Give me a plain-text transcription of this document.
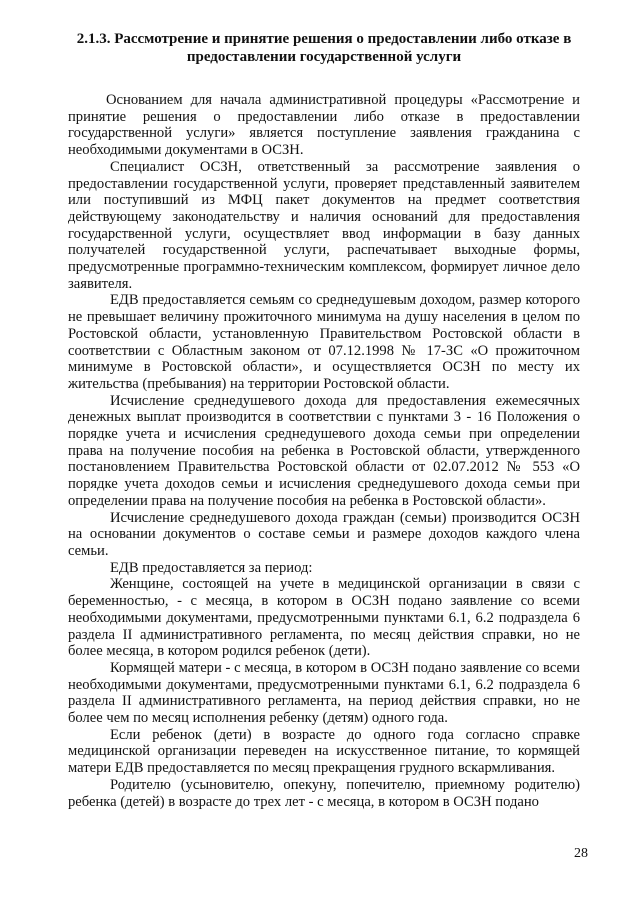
2.1.3. Рассмотрение и принятие решения о предоставлении либо отказе в предоставлении государственной услуги

Основанием для начала административной процедуры «Рассмотрение и принятие решения о предоставлении либо отказе в предоставлении государственной услуги» является поступление заявления гражданина с необходимыми документами в ОСЗН.

Специалист ОСЗН, ответственный за рассмотрение заявления о предоставлении государственной услуги, проверяет представленный заявителем или поступивший из МФЦ пакет документов на предмет соответствия действующему законодательству и наличия оснований для предоставления государственной услуги, осуществляет ввод информации в базу данных получателей государственной услуги, распечатывает выходные формы, предусмотренные программно-техническим комплексом, формирует личное дело заявителя.

ЕДВ предоставляется семьям со среднедушевым доходом, размер которого не превышает величину прожиточного минимума на душу населения в целом по Ростовской области, установленную Правительством Ростовской области в соответствии с Областным законом от 07.12.1998 № 17-ЗС «О прожиточном минимуме в Ростовской области», и осуществляется ОСЗН по месту их жительства (пребывания) на территории Ростовской области.

Исчисление среднедушевого дохода для предоставления ежемесячных денежных выплат производится в соответствии с пунктами 3 - 16 Положения о порядке учета и исчисления среднедушевого дохода семьи при определении права на получение пособия на ребенка в Ростовской области, утвержденного постановлением Правительства Ростовской области от 02.07.2012 № 553 «О порядке учета доходов семьи и исчисления среднедушевого дохода семьи при определении права на получение пособия на ребенка в Ростовской области».

Исчисление среднедушевого дохода граждан (семьи) производится ОСЗН на основании документов о составе семьи и размере доходов каждого члена семьи.

ЕДВ предоставляется за период:

Женщине, состоящей на учете в медицинской организации в связи с беременностью, - с месяца, в котором в ОСЗН подано заявление со всеми необходимыми документами, предусмотренными пунктами 6.1, 6.2 подраздела 6 раздела II административного регламента, по месяц действия справки, но не более месяца, в котором родился ребенок (дети).

Кормящей матери - с месяца, в котором в ОСЗН подано заявление со всеми необходимыми документами, предусмотренными пунктами 6.1, 6.2 подраздела 6 раздела II административного регламента, на период действия справки, но не более чем по месяц исполнения ребенку (детям) одного года.

Если ребенок (дети) в возрасте до одного года согласно справке медицинской организации переведен на искусственное питание, то кормящей матери ЕДВ предоставляется по месяц прекращения грудного вскармливания.

Родителю (усыновителю, опекуну, попечителю, приемному родителю) ребенка (детей) в возрасте до трех лет - с месяца, в котором в ОСЗН подано

28
